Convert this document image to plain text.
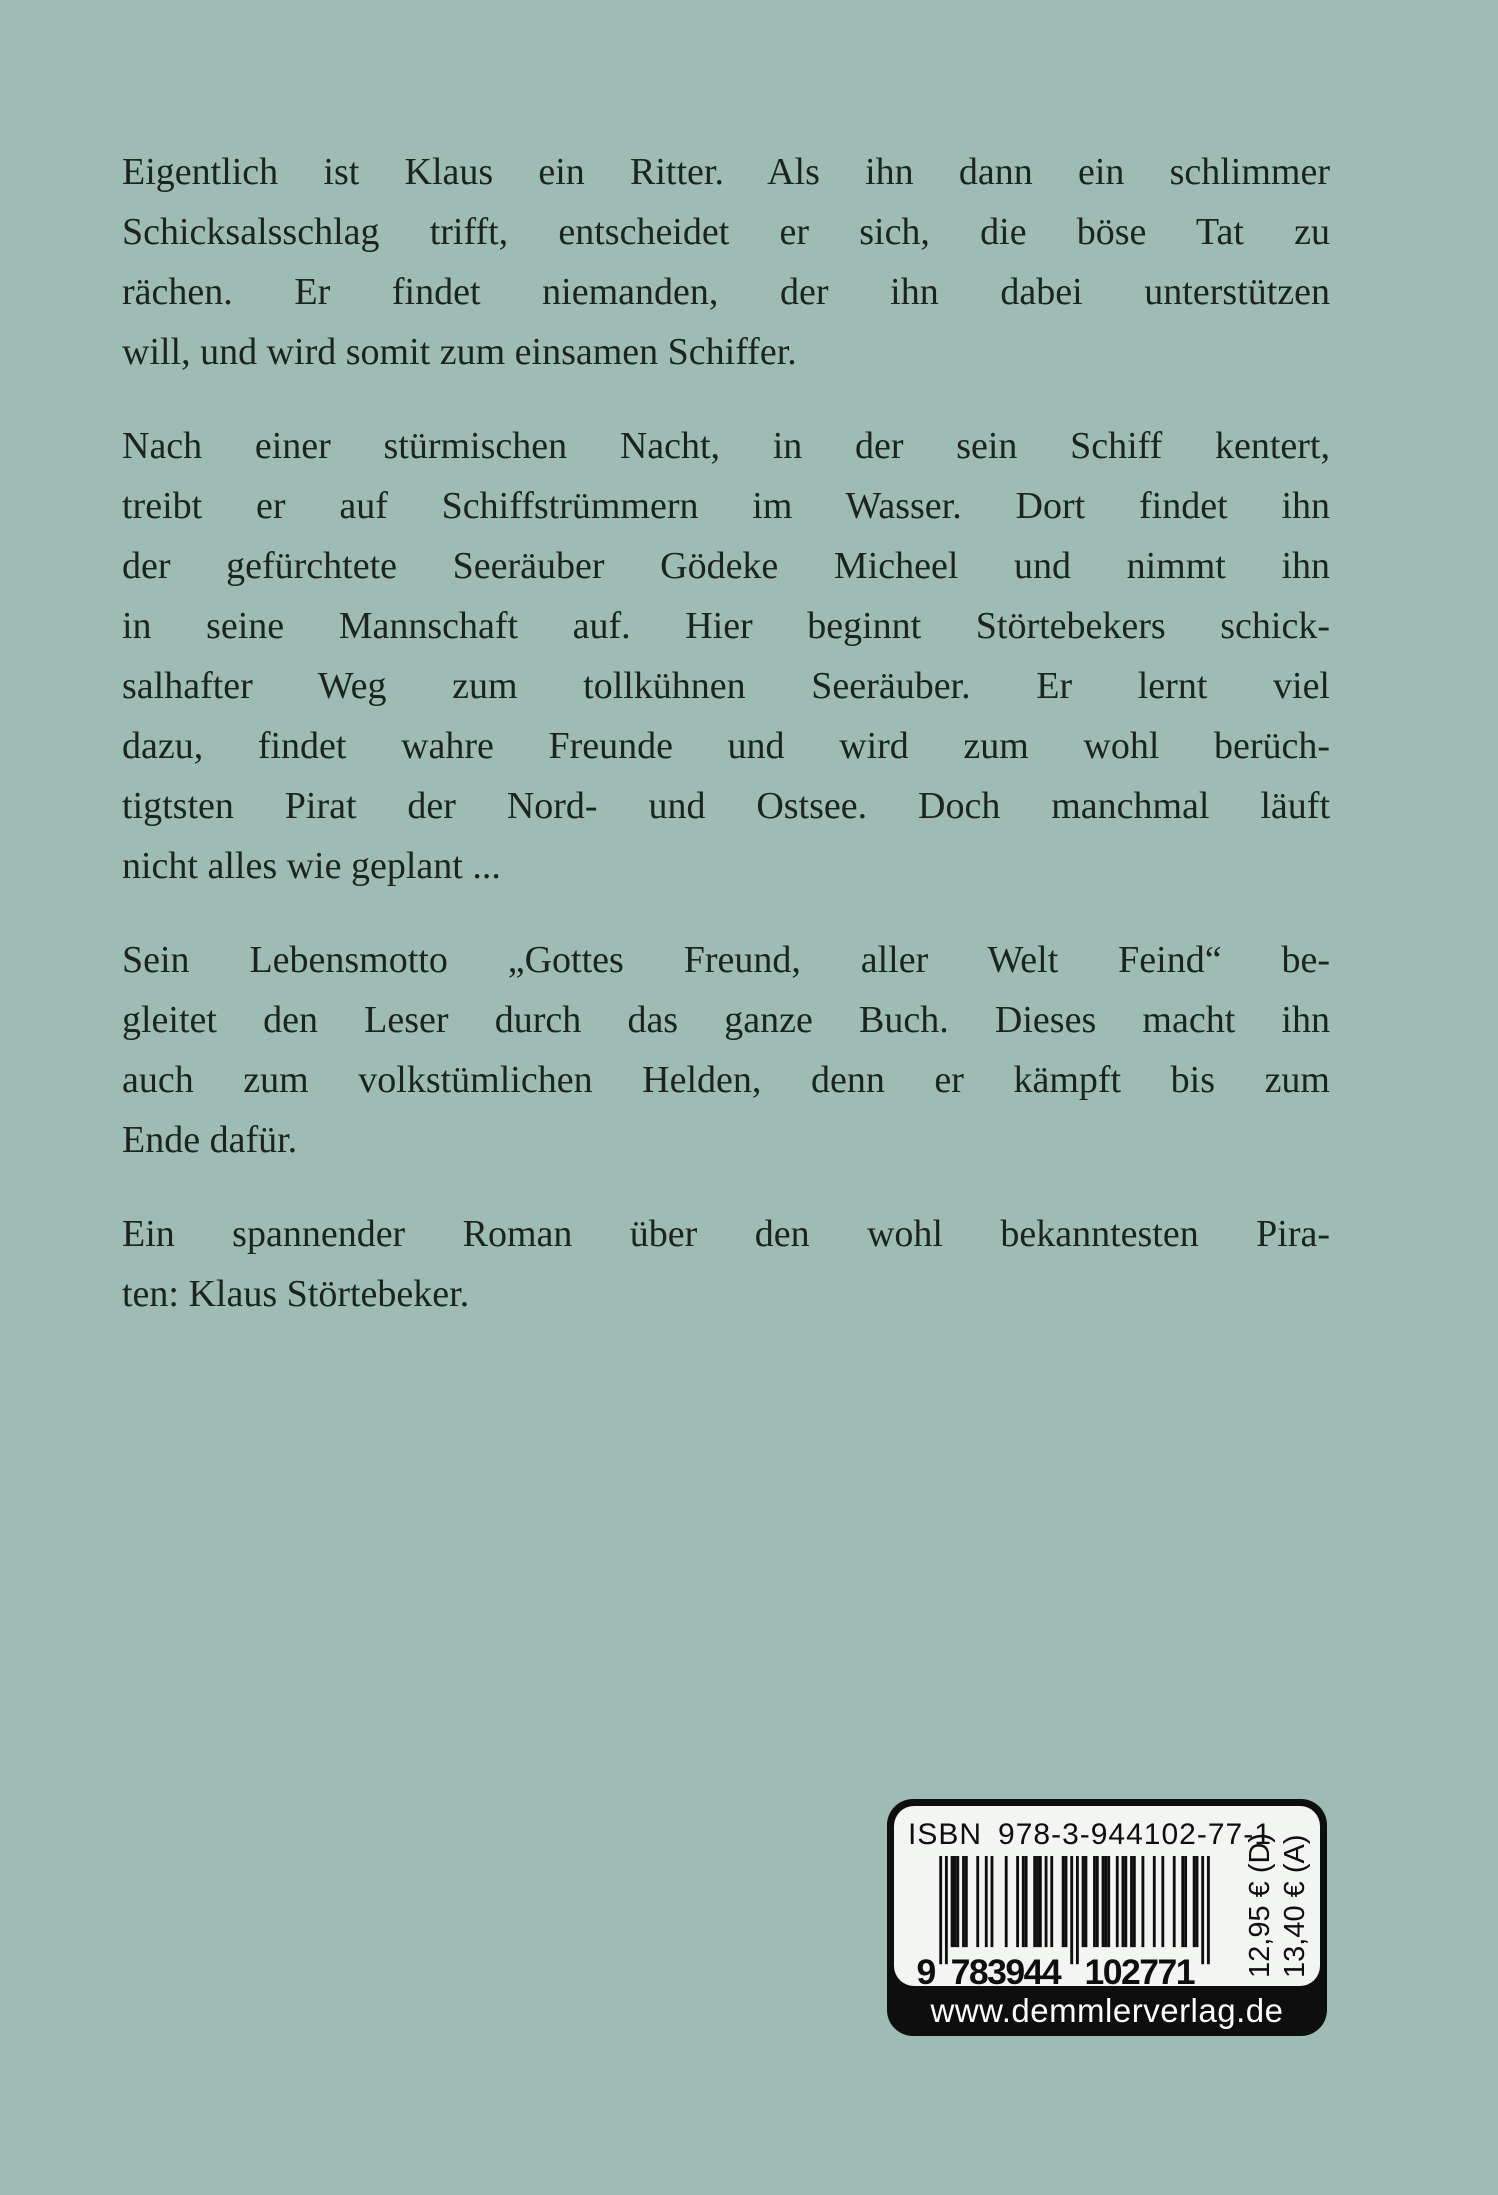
Eigentlich ist Klaus ein Ritter. Als ihn dann ein schlimmer
Schicksalsschlag trifft, entscheidet er sich, die böse Tat zu
rächen. Er findet niemanden, der ihn dabei unterstützen
will, und wird somit zum einsamen Schiffer.
Nach einer stürmischen Nacht, in der sein Schiff kentert,
treibt er auf Schiffstrümmern im Wasser. Dort findet ihn
der gefürchtete Seeräuber Gödeke Micheel und nimmt ihn
in seine Mannschaft auf. Hier beginnt Störtebekers schick-
salhafter Weg zum tollkühnen Seeräuber. Er lernt viel
dazu, findet wahre Freunde und wird zum wohl berüch-
tigtsten Pirat der Nord- und Ostsee. Doch manchmal läuft
nicht alles wie geplant ...
Sein Lebensmotto „Gottes Freund, aller Welt Feind“ be-
gleitet den Leser durch das ganze Buch. Dieses macht ihn
auch zum volkstümlichen Helden, denn er kämpft bis zum
Ende dafür.
Ein spannender Roman über den wohl bekanntesten Pira-
ten: Klaus Störtebeker.
ISBN 978-3-944102-77-1
9 783944 102771 12,95 € (D) 13,40 € (A)
www.demmlerverlag.de
